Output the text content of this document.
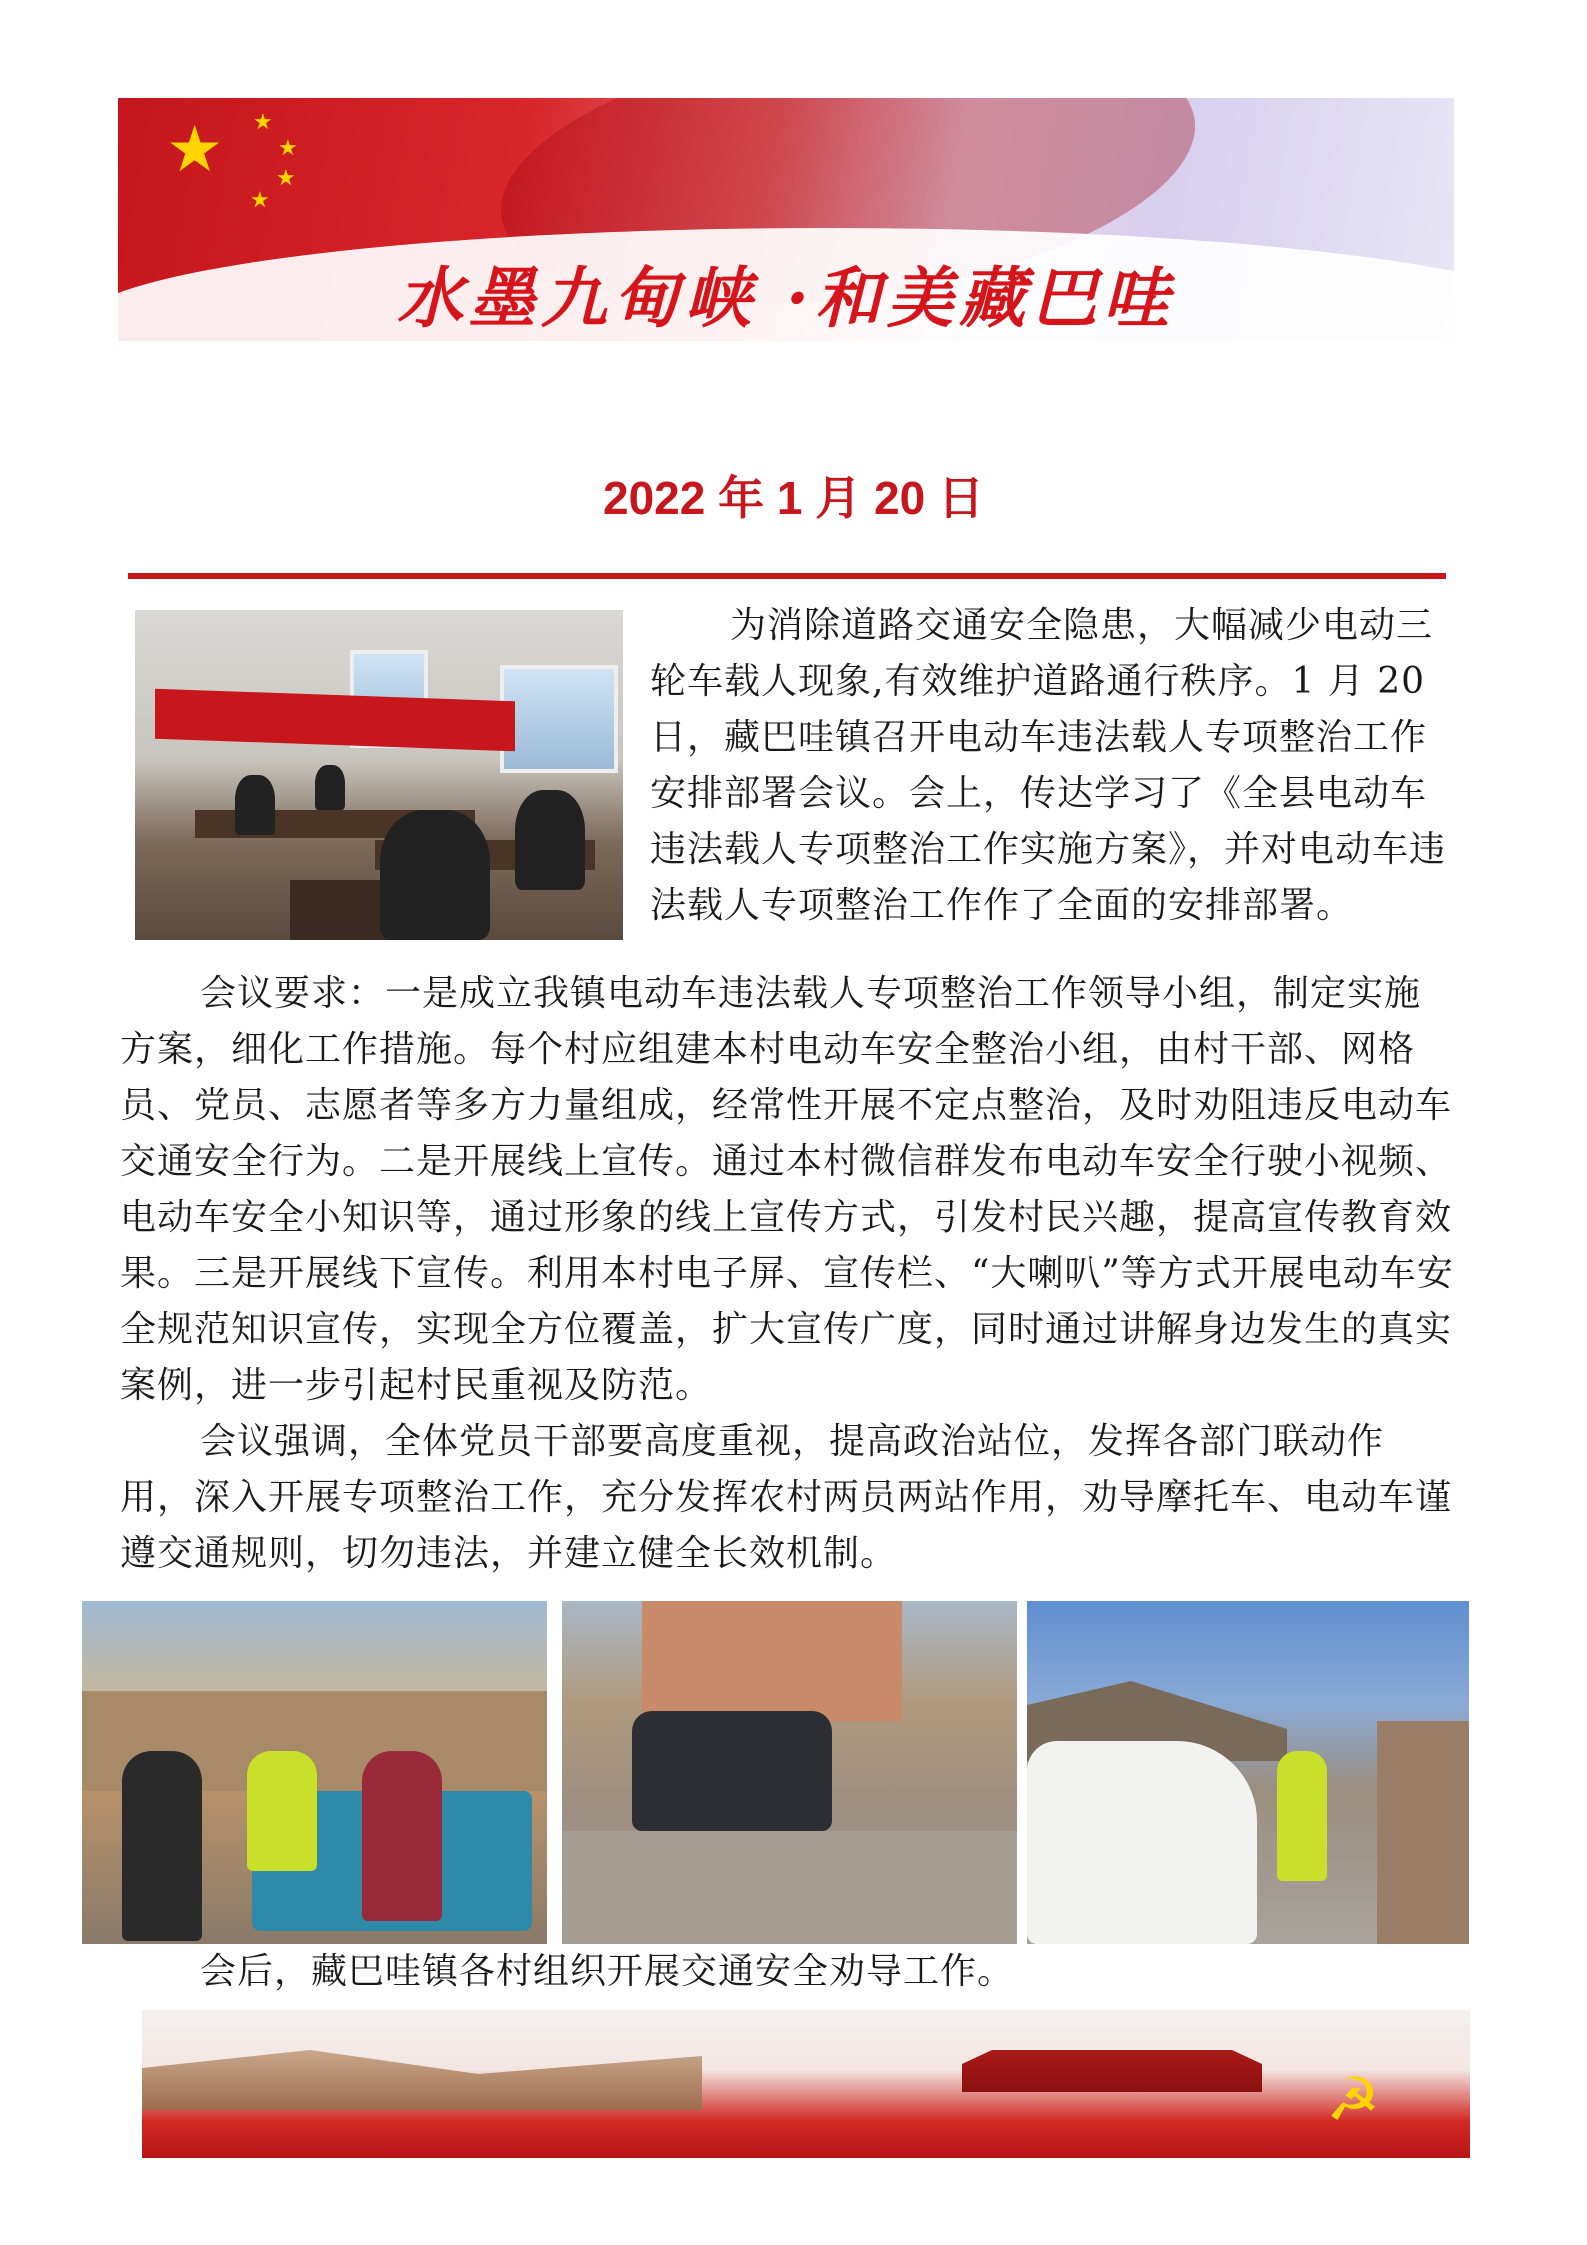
★ ★
★
★
★
水墨九甸峡 ·和美藏巴哇
2022 年 1 月 20 日

为消除道路交通安全隐患，大幅减少电动三轮车载人现象,有效维护道路通行秩序。1 月 20 日，藏巴哇镇召开电动车违法载人专项整治工作安排部署会议。会上，传达学习了《全县电动车违法载人专项整治工作实施方案》，并对电动车违法载人专项整治工作作了全面的安排部署。

会议要求：一是成立我镇电动车违法载人专项整治工作领导小组，制定实施方案，细化工作措施。每个村应组建本村电动车安全整治小组，由村干部、网格员、党员、志愿者等多方力量组成，经常性开展不定点整治，及时劝阻违反电动车交通安全行为。二是开展线上宣传。通过本村微信群发布电动车安全行驶小视频、电动车安全小知识等，通过形象的线上宣传方式，引发村民兴趣，提高宣传教育效果。三是开展线下宣传。利用本村电子屏、宣传栏、“大喇叭”等方式开展电动车安全规范知识宣传，实现全方位覆盖，扩大宣传广度，同时通过讲解身边发生的真实案例，进一步引起村民重视及防范。

会议强调，全体党员干部要高度重视，提高政治站位，发挥各部门联动作用，深入开展专项整治工作，充分发挥农村两员两站作用，劝导摩托车、电动车谨遵交通规则，切勿违法，并建立健全长效机制。

会后，藏巴哇镇各村组织开展交通安全劝导工作。

☭
